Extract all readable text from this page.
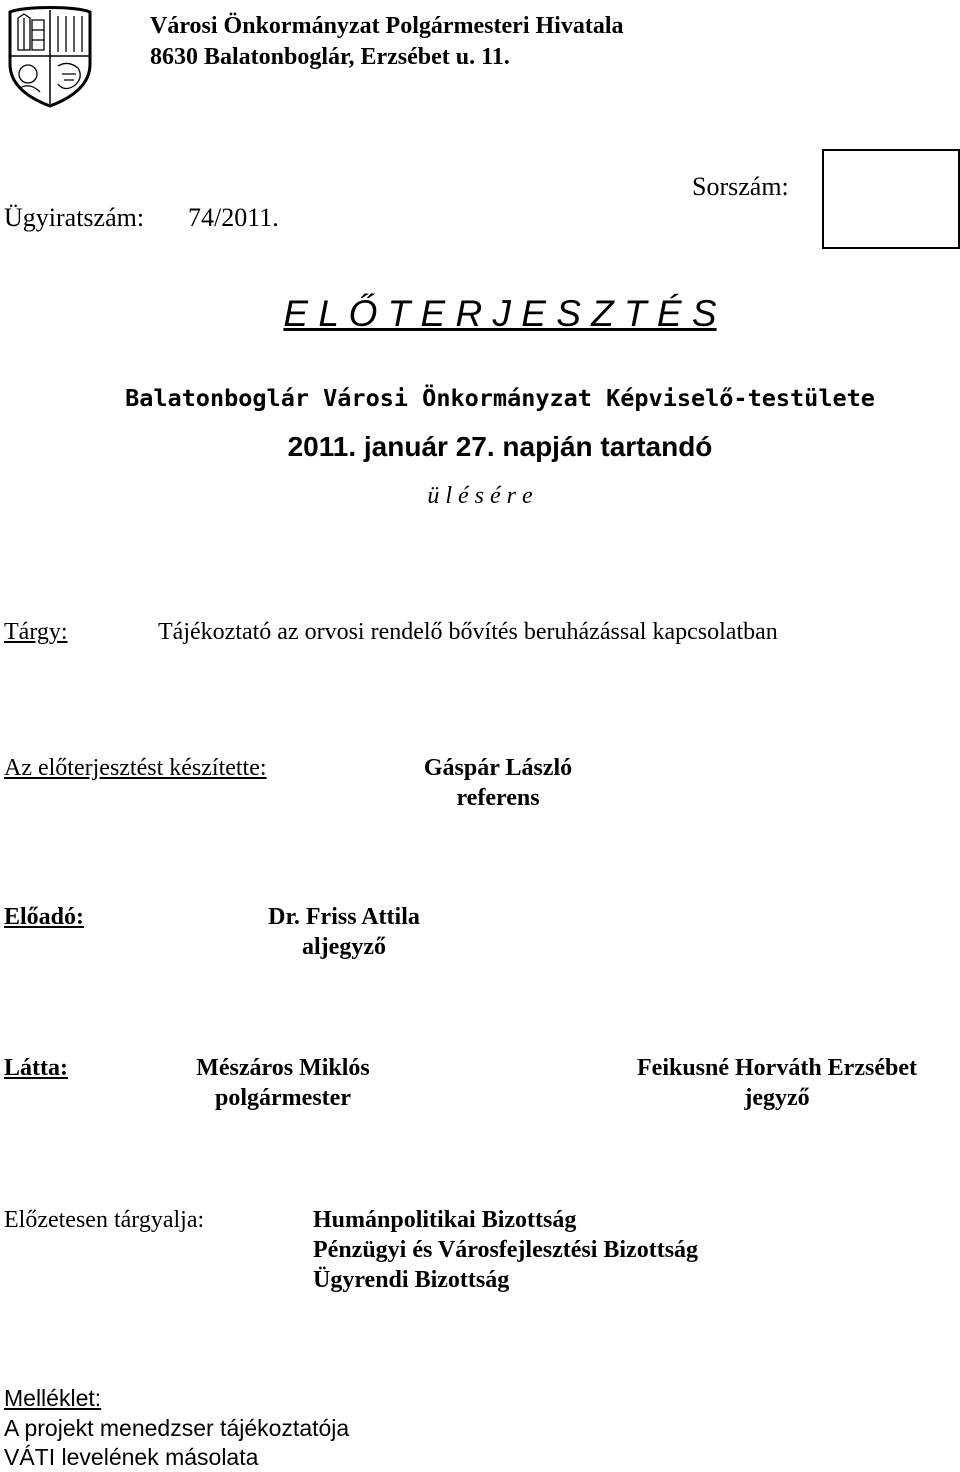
Városi Önkormányzat Polgármesteri Hivatala
8630 Balatonboglár, Erzsébet u. 11.
Ügyiratszám: 74/2011.
Sorszám:
E L Ő T E R J E S Z T É S
Balatonboglár Városi Önkormányzat Képviselő-testülete
2011. január 27. napján tartandó
ü l é s é r e
Tárgy:	Tájékoztató az orvosi rendelő bővítés beruházással kapcsolatban
Az előterjesztést készítette:	Gáspár László
referens
Előadó:	Dr. Friss Attila
aljegyző
Látta:	Mészáros Miklós
polgármester
Feikusné Horváth Erzsébet
jegyző
Előzetesen tárgyalja:	Humánpolitikai Bizottság
Pénzügyi és Városfejlesztési Bizottság
Ügyrendi Bizottság
Melléklet:
A projekt menedzser tájékoztatója
VÁTI levelének másolata
